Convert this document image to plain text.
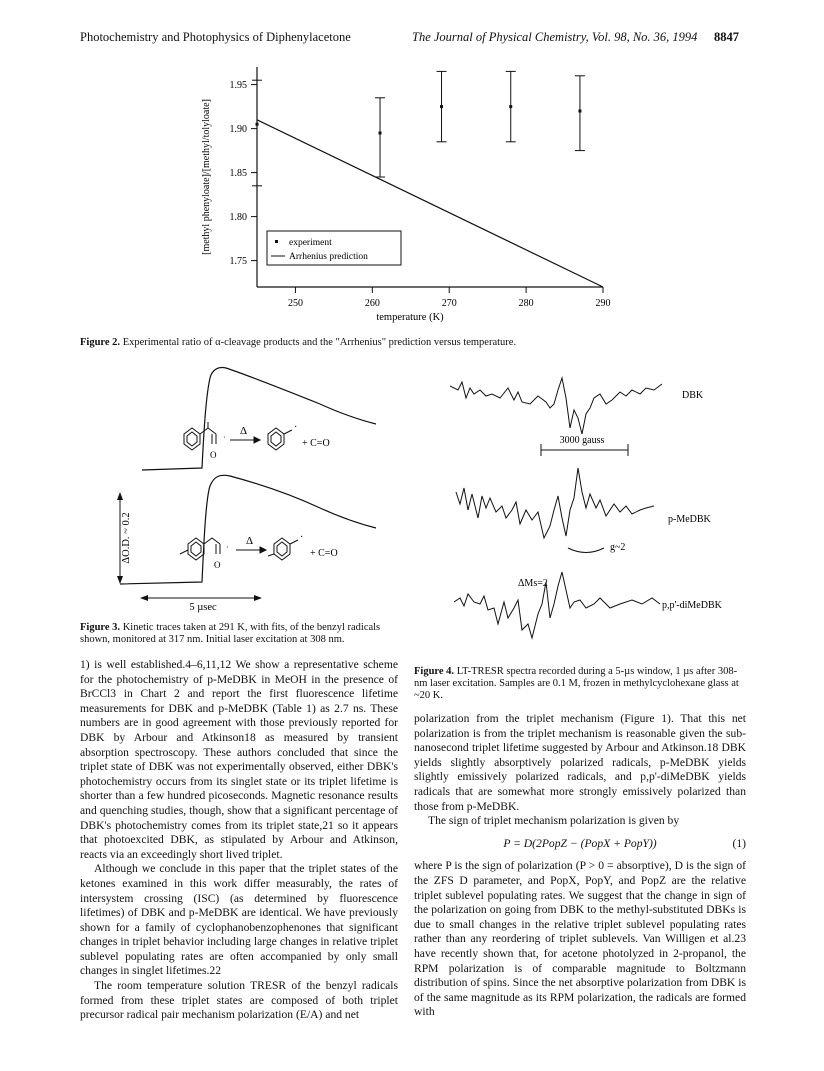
Photochemistry and Photophysics of Diphenylacetone	The Journal of Physical Chemistry, Vol. 98, No. 36, 1994 8847
1.75
1.80
1.85
1.90
1.95
250	260	270	280	290
temperature (K)
[methyl phenyloate]/[methyl/tolyloate]	experiment
Arrhenius prediction
Figure 2. Experimental ratio of α-cleavage products and the "Arrhenius" prediction versus temperature.
ΔO.D. ~ 0.2
5 µsec
·
Δ
O
·
+ C=O
·
Δ
O
·
+ C=O
Figure 3. Kinetic traces taken at 291 K, with fits, of the benzyl radicals shown, monitored at 317 nm. Initial laser excitation at 308 nm.
DBK
3000 gauss
p-MeDBK
g~2
ΔMs=2
p,p'-diMeDBK
Figure 4. LT-TRESR spectra recorded during a 5-µs window, 1 µs after 308-nm laser excitation. Samples are 0.1 M, frozen in methylcyclohexane glass at ~20 K.

1) is well established.4–6,11,12 We show a representative scheme for the photochemistry of p-MeDBK in MeOH in the presence of BrCCl3 in Chart 2 and report the first fluorescence lifetime measurements for DBK and p-MeDBK (Table 1) as 2.7 ns. These numbers are in good agreement with those previously reported for DBK by Arbour and Atkinson18 as measured by transient absorption spectroscopy. These authors concluded that since the triplet state of DBK was not experimentally observed, either DBK's photochemistry occurs from its singlet state or its triplet lifetime is shorter than a few hundred picoseconds. Magnetic resonance results and quenching studies, though, show that a significant percentage of DBK's photochemistry comes from its triplet state,21 so it appears that photoexcited DBK, as stipulated by Arbour and Atkinson, reacts via an exceedingly short lived triplet.

Although we conclude in this paper that the triplet states of the ketones examined in this work differ measurably, the rates of intersystem crossing (ISC) (as determined by fluorescence lifetimes) of DBK and p-MeDBK are identical. We have previously shown for a family of cyclophanobenzophenones that significant changes in triplet behavior including large changes in relative triplet sublevel populating rates are often accompanied by only small changes in singlet lifetimes.22

The room temperature solution TRESR of the benzyl radicals formed from these triplet states are composed of both triplet precursor radical pair mechanism polarization (E/A) and net

polarization from the triplet mechanism (Figure 1). That this net polarization is from the triplet mechanism is reasonable given the sub-nanosecond triplet lifetime suggested by Arbour and Atkinson.18 DBK yields slightly absorptively polarized radicals, p-MeDBK yields slightly emissively polarized radicals, and p,p'-diMeDBK yields radicals that are somewhat more strongly emissively polarized than those from p-MeDBK.

The sign of triplet mechanism polarization is given by

P = D(2PopZ − (PopX + PopY))	(1)

where P is the sign of polarization (P > 0 = absorptive), D is the sign of the ZFS D parameter, and PopX, PopY, and PopZ are the relative triplet sublevel populating rates. We suggest that the change in sign of the polarization on going from DBK to the methyl-substituted DBKs is due to small changes in the relative triplet sublevel populating rates rather than any reordering of triplet sublevels. Van Willigen et al.23 have recently shown that, for acetone photolyzed in 2-propanol, the RPM polarization is of comparable magnitude to Boltzmann distribution of spins. Since the net absorptive polarization from DBK is of the same magnitude as its RPM polarization, the radicals are formed with
